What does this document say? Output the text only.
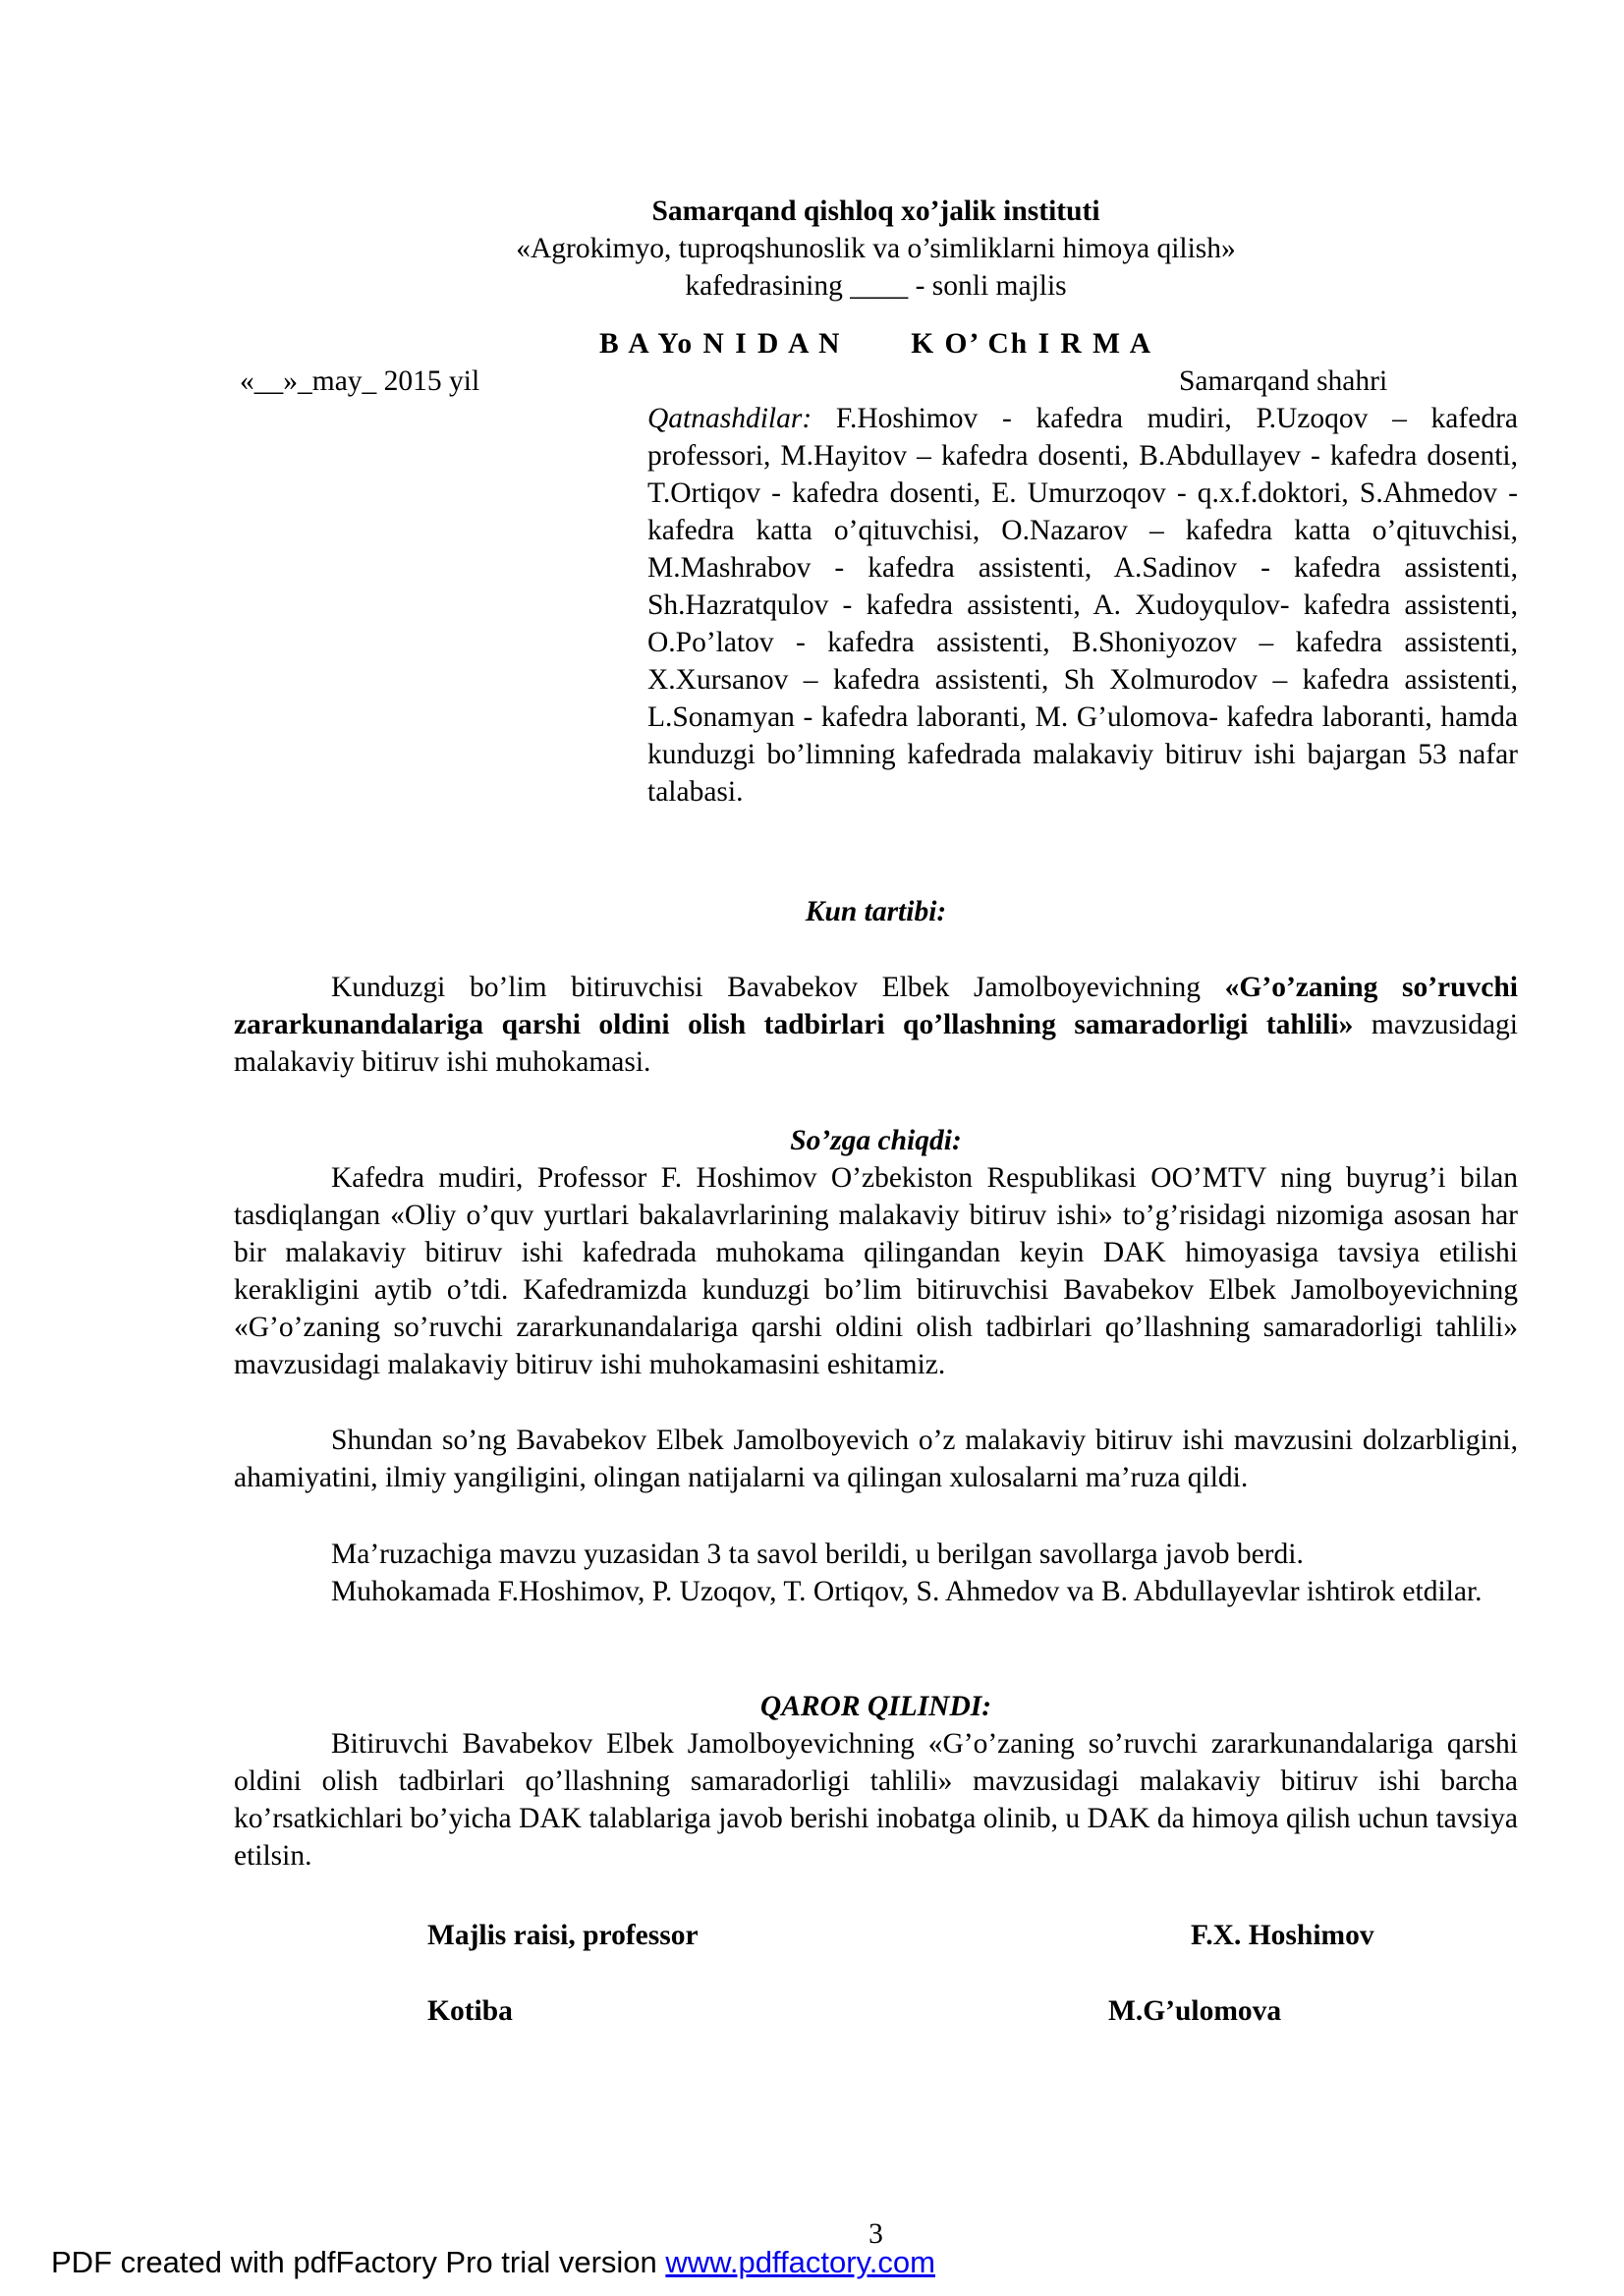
Samarqand qishloq xo’jalik instituti
«Agrokimyo, tuproqshunoslik va o’simliklarni himoya qilish»
kafedrasining ____ - sonli majlis
B A Yo N I D A N K O’ Ch I R M A
«__»_may_ 2015 yil	Samarqand shahri
Qatnashdilar: F.Hoshimov - kafedra mudiri, P.Uzoqov – kafedra professori, M.Hayitov – kafedra dosenti, B.Abdullayev - kafedra dosenti, T.Ortiqov - kafedra dosenti, E. Umurzoqov - q.x.f.doktori, S.Ahmedov - kafedra katta o’qituvchisi, O.Nazarov – kafedra katta o’qituvchisi, M.Mashrabov - kafedra assistenti, A.Sadinov - kafedra assistenti, Sh.Hazratqulov - kafedra assistenti, A. Xudoyqulov- kafedra assistenti, O.Po’latov - kafedra assistenti, B.Shoniyozov – kafedra assistenti, X.Xursanov – kafedra assistenti, Sh Xolmurodov – kafedra assistenti, L.Sonamyan - kafedra laboranti, M. G’ulomova- kafedra laboranti, hamda kunduzgi bo’limning kafedrada malakaviy bitiruv ishi bajargan 53 nafar talabasi.
Kun tartibi:
Kunduzgi bo’lim bitiruvchisi Bavabekov Elbek Jamolboyevichning «G’o’zaning so’ruvchi zararkunandalariga qarshi oldini olish tadbirlari qo’llashning samaradorligi tahlili» mavzusidagi malakaviy bitiruv ishi muhokamasi.
So’zga chiqdi:
Kafedra mudiri, Professor F. Hoshimov O’zbekiston Respublikasi OO’MTV ning buyrug’i bilan tasdiqlangan «Oliy o’quv yurtlari bakalavrlarining malakaviy bitiruv ishi» to’g’risidagi nizomiga asosan har bir malakaviy bitiruv ishi kafedrada muhokama qilingandan keyin DAK himoyasiga tavsiya etilishi kerakligini aytib o’tdi. Kafedramizda kunduzgi bo’lim bitiruvchisi Bavabekov Elbek Jamolboyevichning «G’o’zaning so’ruvchi zararkunandalariga qarshi oldini olish tadbirlari qo’llashning samaradorligi tahlili» mavzusidagi malakaviy bitiruv ishi muhokamasini eshitamiz.
Shundan so’ng Bavabekov Elbek Jamolboyevich o’z malakaviy bitiruv ishi mavzusini dolzarbligini, ahamiyatini, ilmiy yangiligini, olingan natijalarni va qilingan xulosalarni ma’ruza qildi.
Ma’ruzachiga mavzu yuzasidan 3 ta savol berildi, u berilgan savollarga javob berdi.
Muhokamada F.Hoshimov, P. Uzoqov, T. Ortiqov, S. Ahmedov va B. Abdullayevlar ishtirok etdilar.
QAROR QILINDI:
Bitiruvchi Bavabekov Elbek Jamolboyevichning «G’o’zaning so’ruvchi zararkunandalariga qarshi oldini olish tadbirlari qo’llashning samaradorligi tahlili» mavzusidagi malakaviy bitiruv ishi barcha ko’rsatkichlari bo’yicha DAK talablariga javob berishi inobatga olinib, u DAK da himoya qilish uchun tavsiya etilsin.
Majlis raisi, professor	F.X. Hoshimov
Kotiba	M.G’ulomova
3
PDF created with pdfFactory Pro trial version www.pdffactory.com
